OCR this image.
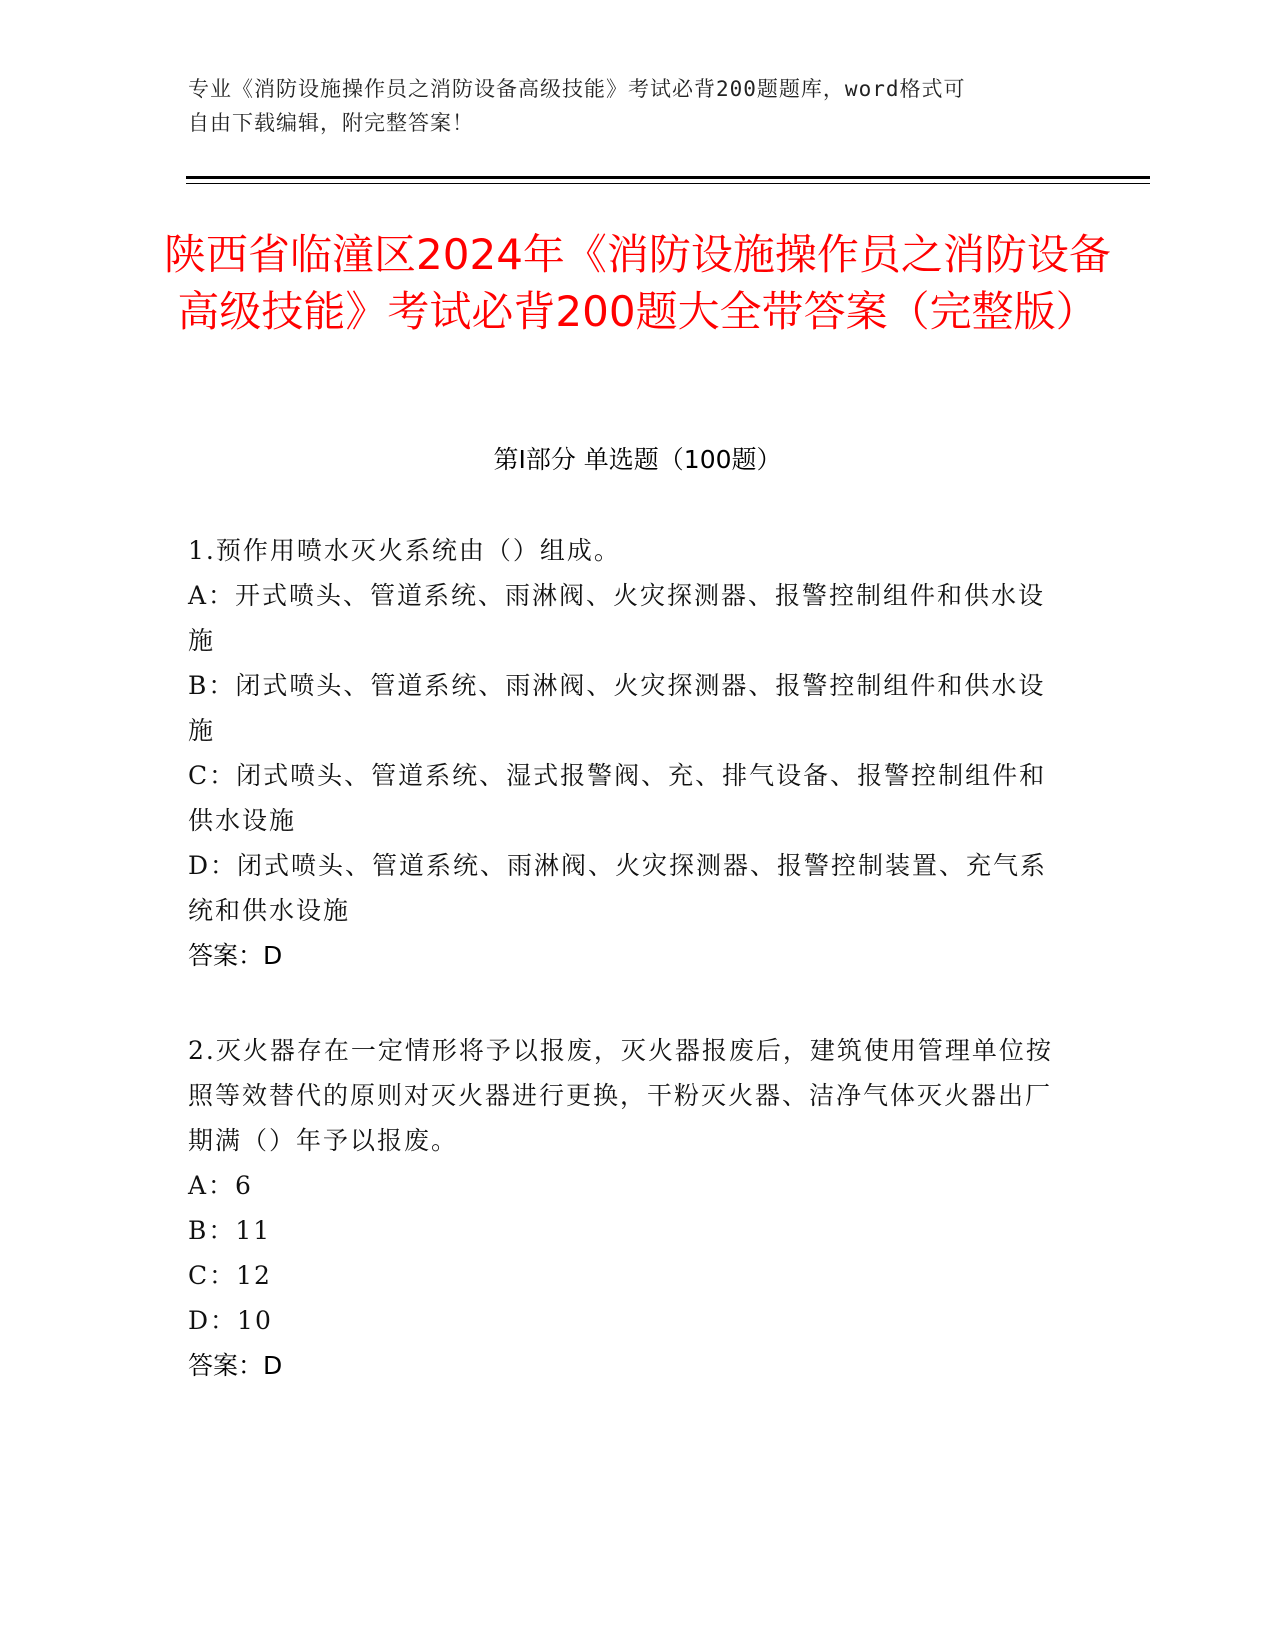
专业《消防设施操作员之消防设备高级技能》考试必背200题题库，word格式可
自由下载编辑，附完整答案！
陕西省临潼区2024年《消防设施操作员之消防设备高级技能》考试必背200题大全带答案（完整版）
第Ⅰ部分 单选题（100题）
1.预作用喷水灭火系统由（）组成。
A：开式喷头、管道系统、雨淋阀、火灾探测器、报警控制组件和供水设施
B：闭式喷头、管道系统、雨淋阀、火灾探测器、报警控制组件和供水设施
C：闭式喷头、管道系统、湿式报警阀、充、排气设备、报警控制组件和供水设施
D：闭式喷头、管道系统、雨淋阀、火灾探测器、报警控制装置、充气系统和供水设施
答案：D
2.灭火器存在一定情形将予以报废，灭火器报废后，建筑使用管理单位按照等效替代的原则对灭火器进行更换，干粉灭火器、洁净气体灭火器出厂期满（）年予以报废。
A：6
B：11
C：12
D：10
答案：D
